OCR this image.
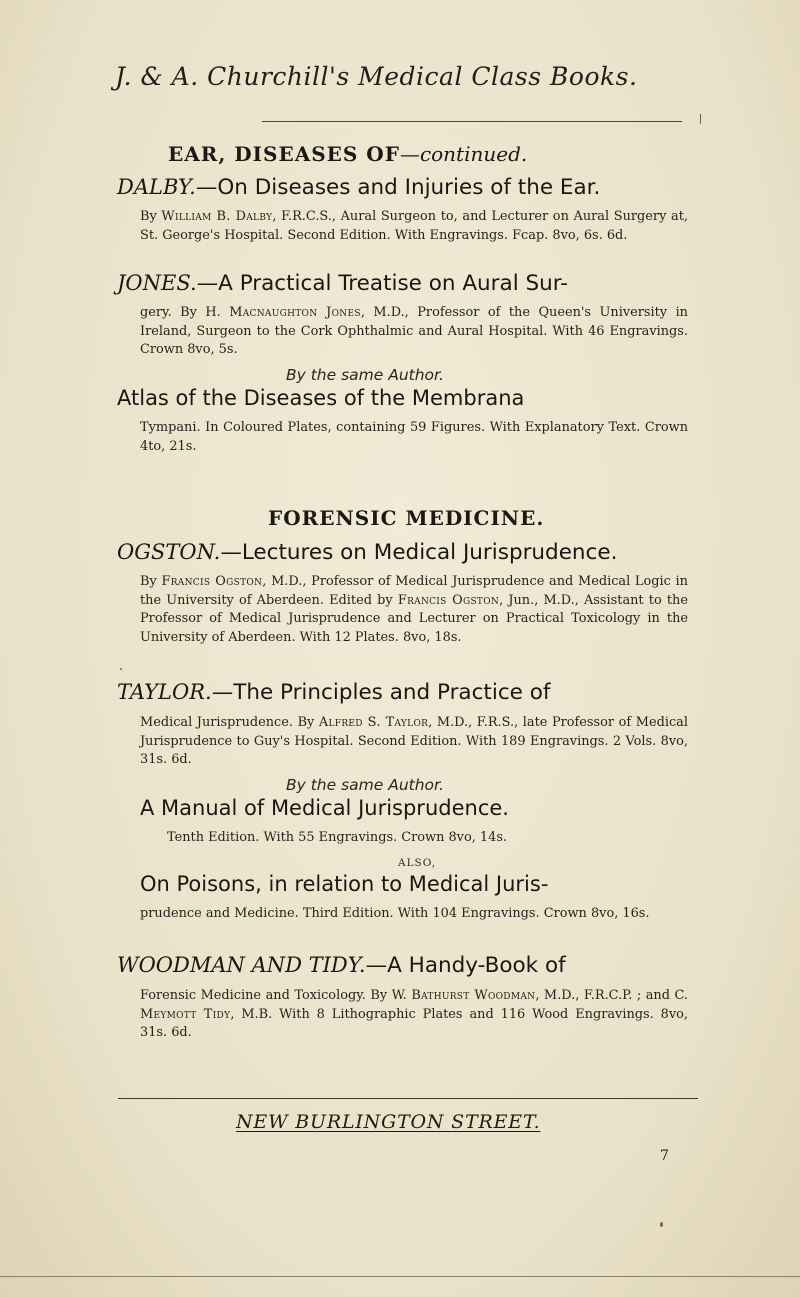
J. & A. Churchill's Medical Class Books.
EAR, DISEASES OF—continued.
DALBY.—On Diseases and Injuries of the Ear.
By William B. Dalby, F.R.C.S., Aural Surgeon to, and Lecturer on Aural Surgery at, St. George's Hospital. Second Edition. With Engravings. Fcap. 8vo, 6s. 6d.
JONES.—A Practical Treatise on Aural Sur-
gery. By H. Macnaughton Jones, M.D., Professor of the Queen's University in Ireland, Surgeon to the Cork Ophthalmic and Aural Hospital. With 46 Engravings. Crown 8vo, 5s.
By the same Author.
Atlas of the Diseases of the Membrana
Tympani. In Coloured Plates, containing 59 Figures. With Explanatory Text. Crown 4to, 21s.
FORENSIC MEDICINE.
OGSTON.—Lectures on Medical Jurisprudence.
By Francis Ogston, M.D., Professor of Medical Jurisprudence and Medical Logic in the University of Aberdeen. Edited by Francis Ogston, Jun., M.D., Assistant to the Professor of Medical Jurisprudence and Lecturer on Practical Toxicology in the University of Aberdeen. With 12 Plates. 8vo, 18s.
TAYLOR.—The Principles and Practice of
Medical Jurisprudence. By Alfred S. Taylor, M.D., F.R.S., late Professor of Medical Jurisprudence to Guy's Hospital. Second Edition. With 189 Engravings. 2 Vols. 8vo, 31s. 6d.
By the same Author.
A Manual of Medical Jurisprudence.
Tenth Edition. With 55 Engravings. Crown 8vo, 14s.
ALSO,
On Poisons, in relation to Medical Juris-
prudence and Medicine. Third Edition. With 104 Engravings. Crown 8vo, 16s.
WOODMAN AND TIDY.—A Handy-Book of
Forensic Medicine and Toxicology. By W. Bathurst Woodman, M.D., F.R.C.P. ; and C. Meymott Tidy, M.B. With 8 Lithographic Plates and 116 Wood Engravings. 8vo, 31s. 6d.
NEW BURLINGTON STREET.
7
